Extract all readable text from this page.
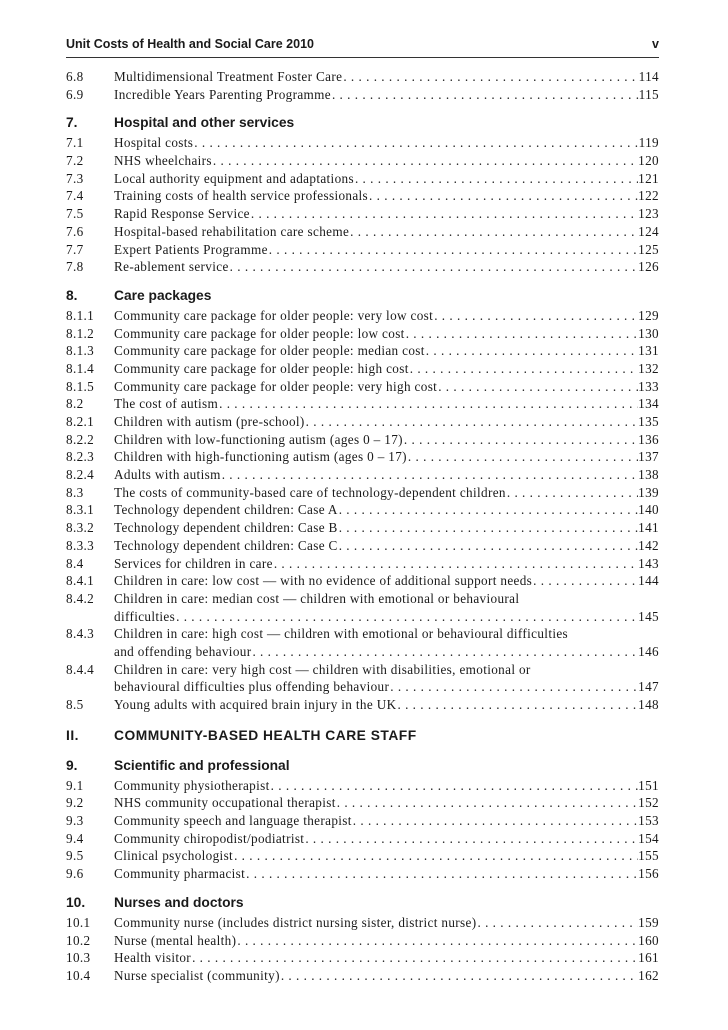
Unit Costs of Health and Social Care 2010	v
6.8	Multidimensional Treatment Foster Care . . .	114
6.9	Incredible Years Parenting Programme . . .	115
7.	Hospital and other services
7.1	Hospital costs . . .	119
7.2	NHS wheelchairs . . .	120
7.3	Local authority equipment and adaptations . . .	121
7.4	Training costs of health service professionals . . .	122
7.5	Rapid Response Service . . .	123
7.6	Hospital-based rehabilitation care scheme . . .	124
7.7	Expert Patients Programme . . .	125
7.8	Re-ablement service . . .	126
8.	Care packages
8.1.1	Community care package for older people: very low cost . . .	129
8.1.2	Community care package for older people: low cost . . .	130
8.1.3	Community care package for older people: median cost . . .	131
8.1.4	Community care package for older people: high cost . . .	132
8.1.5	Community care package for older people: very high cost . . .	133
8.2	The cost of autism . . .	134
8.2.1	Children with autism (pre-school) . . .	135
8.2.2	Children with low-functioning autism (ages 0 – 17) . . .	136
8.2.3	Children with high-functioning autism (ages 0 – 17) . . .	137
8.2.4	Adults with autism . . .	138
8.3	The costs of community-based care of technology-dependent children . . .	139
8.3.1	Technology dependent children: Case A . . .	140
8.3.2	Technology dependent children: Case B . . .	141
8.3.3	Technology dependent children: Case C . . .	142
8.4	Services for children in care . . .	143
8.4.1	Children in care: low cost — with no evidence of additional support needs . . .	144
8.4.2	Children in care: median cost — children with emotional or behavioural
difficulties . . .	145
8.4.3	Children in care: high cost — children with emotional or behavioural difficulties
and offending behaviour . . .	146
8.4.4	Children in care: very high cost — children with disabilities, emotional or
behavioural difficulties plus offending behaviour . . .	147
8.5	Young adults with acquired brain injury in the UK . . .	148
II.	COMMUNITY-BASED HEALTH CARE STAFF
9.	Scientific and professional
9.1	Community physiotherapist . . .	151
9.2	NHS community occupational therapist . . .	152
9.3	Community speech and language therapist . . .	153
9.4	Community chiropodist/podiatrist . . .	154
9.5	Clinical psychologist . . .	155
9.6	Community pharmacist . . .	156
10.	Nurses and doctors
10.1	Community nurse (includes district nursing sister, district nurse) . . .	159
10.2	Nurse (mental health) . . .	160
10.3	Health visitor . . .	161
10.4	Nurse specialist (community) . . .	162
